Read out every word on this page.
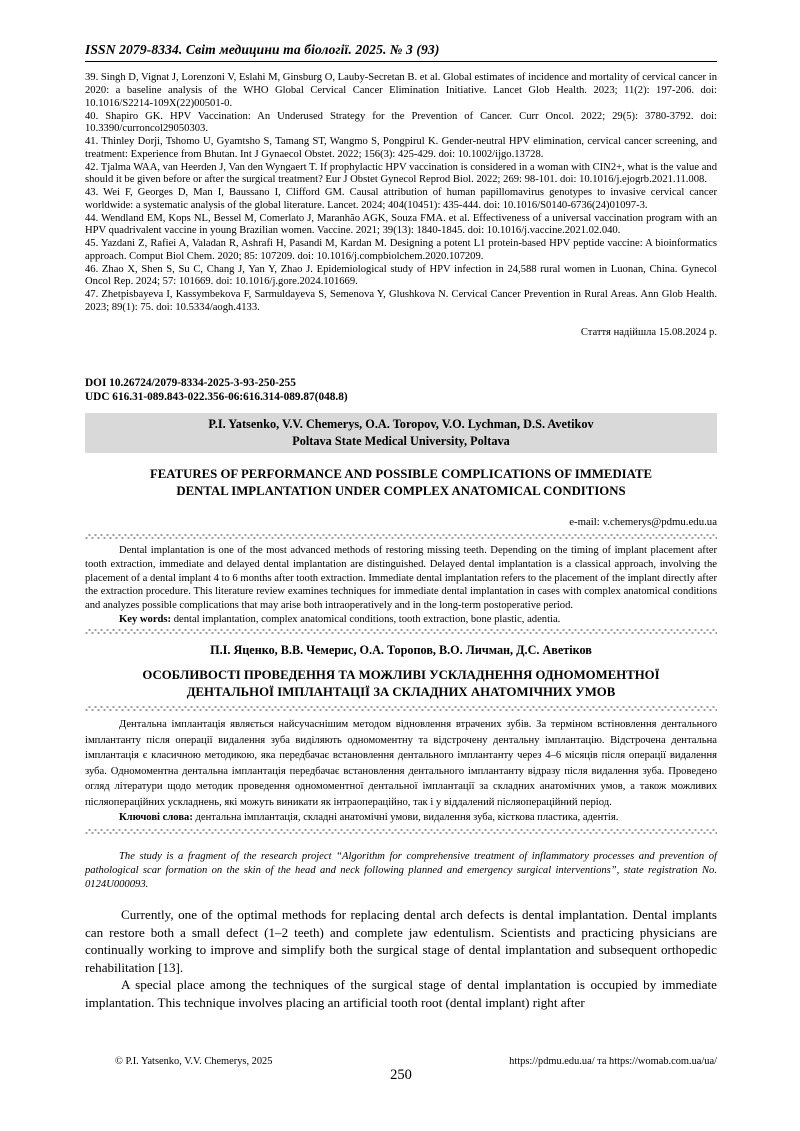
ISSN 2079-8334. Світ медицини та біології. 2025. № 3 (93)

39. Singh D, Vignat J, Lorenzoni V, Eslahi M, Ginsburg O, Lauby-Secretan B. et al. Global estimates of incidence and mortality of cervical cancer in 2020: a baseline analysis of the WHO Global Cervical Cancer Elimination Initiative. Lancet Glob Health. 2023; 11(2): 197-206. doi: 10.1016/S2214-109X(22)00501-0.

40. Shapiro GK. HPV Vaccination: An Underused Strategy for the Prevention of Cancer. Curr Oncol. 2022; 29(5): 3780-3792. doi: 10.3390/curroncol29050303.

41. Thinley Dorji, Tshomo U, Gyamtsho S, Tamang ST, Wangmo S, Pongpirul K. Gender-neutral HPV elimination, cervical cancer screening, and treatment: Experience from Bhutan. Int J Gynaecol Obstet. 2022; 156(3): 425-429. doi: 10.1002/ijgo.13728.

42. Tjalma WAA, van Heerden J, Van den Wyngaert T. If prophylactic HPV vaccination is considered in a woman with CIN2+, what is the value and should it be given before or after the surgical treatment? Eur J Obstet Gynecol Reprod Biol. 2022; 269: 98-101. doi: 10.1016/j.ejogrb.2021.11.008.

43. Wei F, Georges D, Man I, Baussano I, Clifford GM. Causal attribution of human papillomavirus genotypes to invasive cervical cancer worldwide: a systematic analysis of the global literature. Lancet. 2024; 404(10451): 435-444. doi: 10.1016/S0140-6736(24)01097-3.

44. Wendland EM, Kops NL, Bessel M, Comerlato J, Maranhão AGK, Souza FMA. et al. Effectiveness of a universal vaccination program with an HPV quadrivalent vaccine in young Brazilian women. Vaccine. 2021; 39(13): 1840-1845. doi: 10.1016/j.vaccine.2021.02.040.

45. Yazdani Z, Rafiei A, Valadan R, Ashrafi H, Pasandi M, Kardan M. Designing a potent L1 protein-based HPV peptide vaccine: A bioinformatics approach. Comput Biol Chem. 2020; 85: 107209. doi: 10.1016/j.compbiolchem.2020.107209.

46. Zhao X, Shen S, Su C, Chang J, Yan Y, Zhao J. Epidemiological study of HPV infection in 24,588 rural women in Luonan, China. Gynecol Oncol Rep. 2024; 57: 101669. doi: 10.1016/j.gore.2024.101669.

47. Zhetpisbayeva I, Kassymbekova F, Sarmuldayeva S, Semenova Y, Glushkova N. Cervical Cancer Prevention in Rural Areas. Ann Glob Health. 2023; 89(1): 75. doi: 10.5334/aogh.4133.

Стаття надійшла 15.08.2024 р.
DOI 10.26724/2079-8334-2025-3-93-250-255
UDC 616.31-089.843-022.356-06:616.314-089.87(048.8)
P.I. Yatsenko, V.V. Chemerys, O.A. Toropov, V.O. Lychman, D.S. Avetikov
Poltava State Medical University, Poltava
FEATURES OF PERFORMANCE AND POSSIBLE COMPLICATIONS OF IMMEDIATE
DENTAL IMPLANTATION UNDER COMPLEX ANATOMICAL CONDITIONS
e-mail: v.chemerys@pdmu.edu.ua

Dental implantation is one of the most advanced methods of restoring missing teeth. Depending on the timing of implant placement after tooth extraction, immediate and delayed dental implantation are distinguished. Delayed dental implantation is a classical approach, involving the placement of a dental implant 4 to 6 months after tooth extraction. Immediate dental implantation refers to the placement of the implant directly after the extraction procedure. This literature review examines techniques for immediate dental implantation in cases with complex anatomical conditions and analyzes possible complications that may arise both intraoperatively and in the long-term postoperative period.

Key words: dental implantation, complex anatomical conditions, tooth extraction, bone plastic, adentia.

П.І. Яценко, В.В. Чемерис, О.А. Торопов, В.О. Личман, Д.С. Аветіков
ОСОБЛИВОСТІ ПРОВЕДЕННЯ ТА МОЖЛИВІ УСКЛАДНЕННЯ ОДНОМОМЕНТНОЇ
ДЕНТАЛЬНОЇ ІМПЛАНТАЦІЇ ЗА СКЛАДНИХ АНАТОМІЧНИХ УМОВ

Дентальна імплантація являється найсучаснішим методом відновлення втрачених зубів. За терміном встіновлення дентального імплантанту після операції видалення зуба виділяють одномоментну та відстрочену дентальну імплантацію. Відстрочена дентальна імплантація є класичною методикою, яка передбачає встановлення дентального імплантанту через 4–6 місяців після операції видалення зуба. Одномоментна дентальна імплантація передбачає встановлення дентального імплантанту відразу після видалення зуба. Проведено огляд літератури щодо методик проведення одномоментної дентальної імплантації за складних анатомічних умов, а також можливих післяопераційних ускладнень, які можуть виникати як інтраопераційно, так і у віддалений післяопераційний період.

Ключові слова: дентальна імплантація, складні анатомічні умови, видалення зуба, кісткова пластика, адентія.

The study is a fragment of the research project “Algorithm for comprehensive treatment of inflammatory processes and prevention of pathological scar formation on the skin of the head and neck following planned and emergency surgical interventions”, state registration No. 0124U000093.

Currently, one of the optimal methods for replacing dental arch defects is dental implantation. Dental implants can restore both a small defect (1–2 teeth) and complete jaw edentulism. Scientists and practicing physicians are continually working to improve and simplify both the surgical stage of dental implantation and subsequent orthopedic rehabilitation [13].

A special place among the techniques of the surgical stage of dental implantation is occupied by immediate implantation. This technique involves placing an artificial tooth root (dental implant) right after

© P.I. Yatsenko, V.V. Chemerys, 2025
250
https://pdmu.edu.ua/ та https://womab.com.ua/ua/
